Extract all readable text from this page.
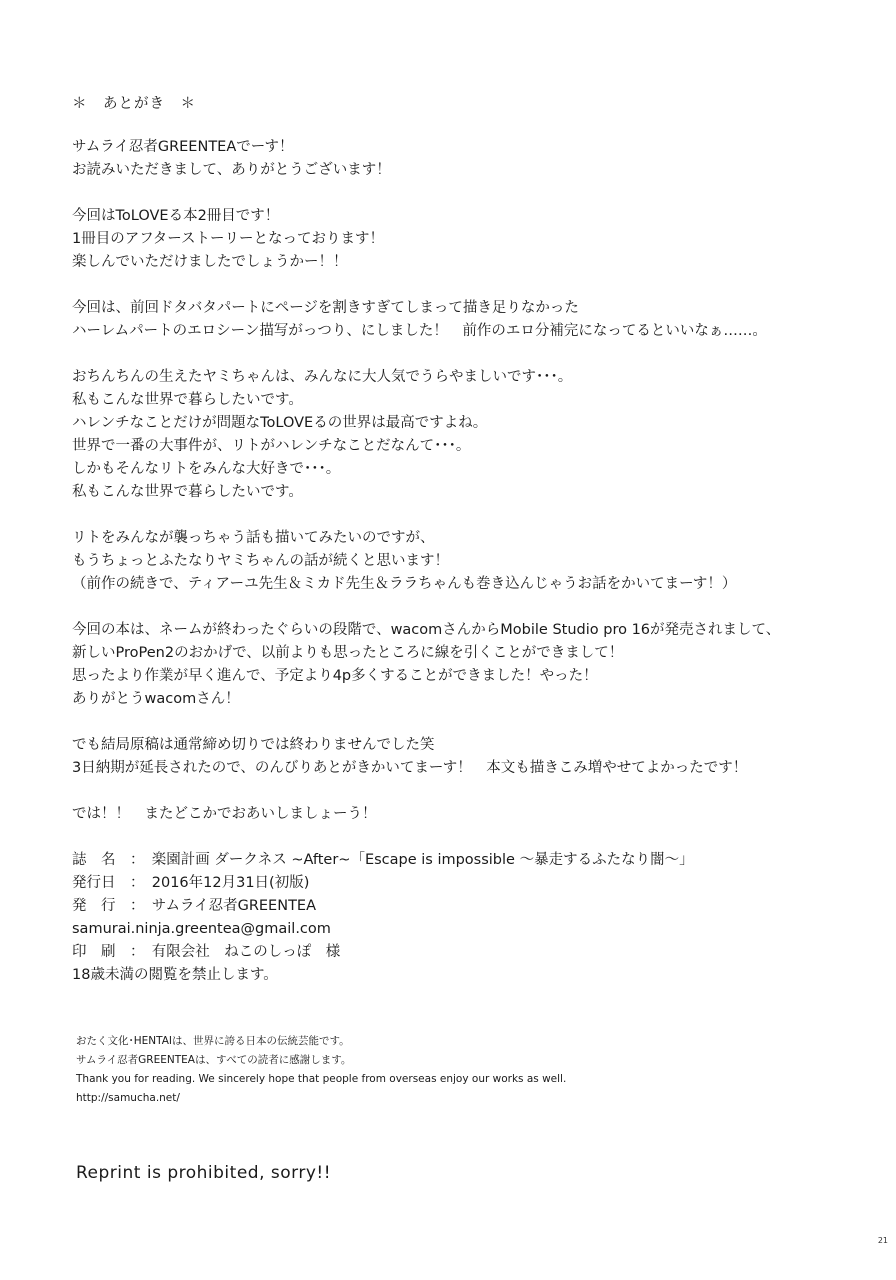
＊　あとがき　＊
サムライ忍者GREENTEAでーす！
お読みいただきまして、ありがとうございます！
今回はToLOVEる本2冊目です！
1冊目のアフターストーリーとなっております！
楽しんでいただけましたでしょうかー！！
今回は、前回ドタバタパートにページを割きすぎてしまって描き足りなかった
ハーレムパートのエロシーン描写がっつり、にしました！　前作のエロ分補完になってるといいなぁ……。
おちんちんの生えたヤミちゃんは、みんなに大人気でうらやましいです･･･。
私もこんな世界で暮らしたいです。
ハレンチなことだけが問題なToLOVEるの世界は最高ですよね。
世界で一番の大事件が、リトがハレンチなことだなんて･･･。
しかもそんなリトをみんな大好きで･･･。
私もこんな世界で暮らしたいです。
リトをみんなが襲っちゃう話も描いてみたいのですが、
もうちょっとふたなりヤミちゃんの話が続くと思います！
（前作の続きで、ティアーユ先生＆ミカド先生＆ララちゃんも巻き込んじゃうお話をかいてまーす！）
今回の本は、ネームが終わったぐらいの段階で、wacomさんからMobile Studio pro 16が発売されまして、
新しいProPen2のおかげで、以前よりも思ったところに線を引くことができまして！
思ったより作業が早く進んで、予定より4p多くすることができました！やった！
ありがとうwacomさん！
でも結局原稿は通常締め切りでは終わりませんでした笑
3日納期が延長されたので、のんびりあとがきかいてまーす！　本文も描きこみ増やせてよかったです！
では！！　またどこかでおあいしましょーう！
誌　名　：　楽園計画 ダークネス ~After~「Escape is impossible 〜暴走するふたなり闇〜」
発行日　：　2016年12月31日(初版)
発　行　：　サムライ忍者GREENTEA
samurai.ninja.greentea@gmail.com
印　刷　：　有限会社　ねこのしっぽ　様
18歳未満の閲覧を禁止します。
おたく文化･HENTAIは、世界に誇る日本の伝統芸能です。
サムライ忍者GREENTEAは、すべての読者に感謝します。
Thank you for reading. We sincerely hope that people from overseas enjoy our works as well.
http://samucha.net/
Reprint is prohibited, sorry!!
21
